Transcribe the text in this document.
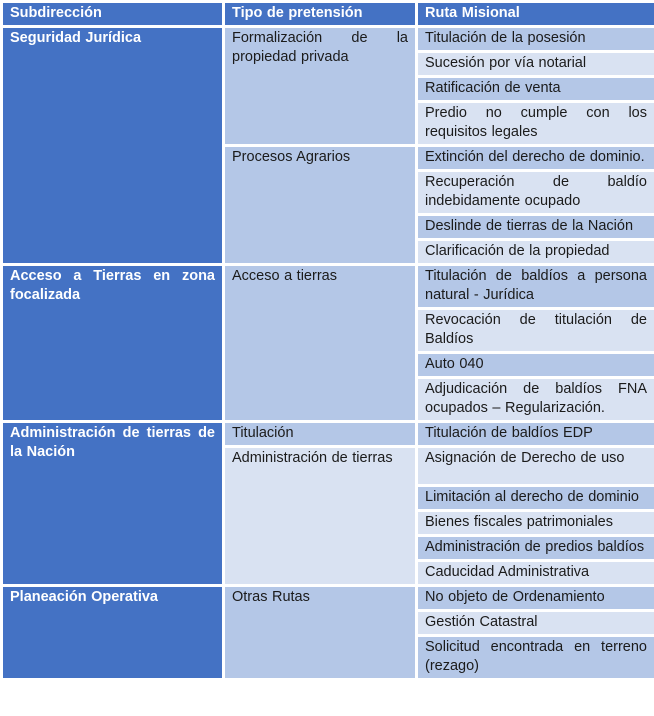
Subdirección	Tipo de pretensión	Ruta Misional
Seguridad Jurídica	Formalización de la propiedad privada	Titulación de la posesión
		Sucesión por vía notarial
		Ratificación de venta
		Predio no cumple con los requisitos legales
	Procesos Agrarios	Extinción del derecho de dominio.
		Recuperación de baldío indebidamente ocupado
		Deslinde de tierras de la Nación
		Clarificación de la propiedad
Acceso a Tierras en zona focalizada	Acceso a tierras	Titulación de baldíos a persona natural - Jurídica
		Revocación de titulación de Baldíos
		Auto 040
		Adjudicación de baldíos FNA ocupados – Regularización.
Administración de tierras de la Nación	Titulación	Titulación de baldíos EDP
	Administración de tierras	Asignación de Derecho de uso
		Limitación al derecho de dominio
		Bienes fiscales patrimoniales
		Administración de predios baldíos
		Caducidad Administrativa
Planeación Operativa	Otras Rutas	No objeto de Ordenamiento
		Gestión Catastral
		Solicitud encontrada en terreno (rezago)
